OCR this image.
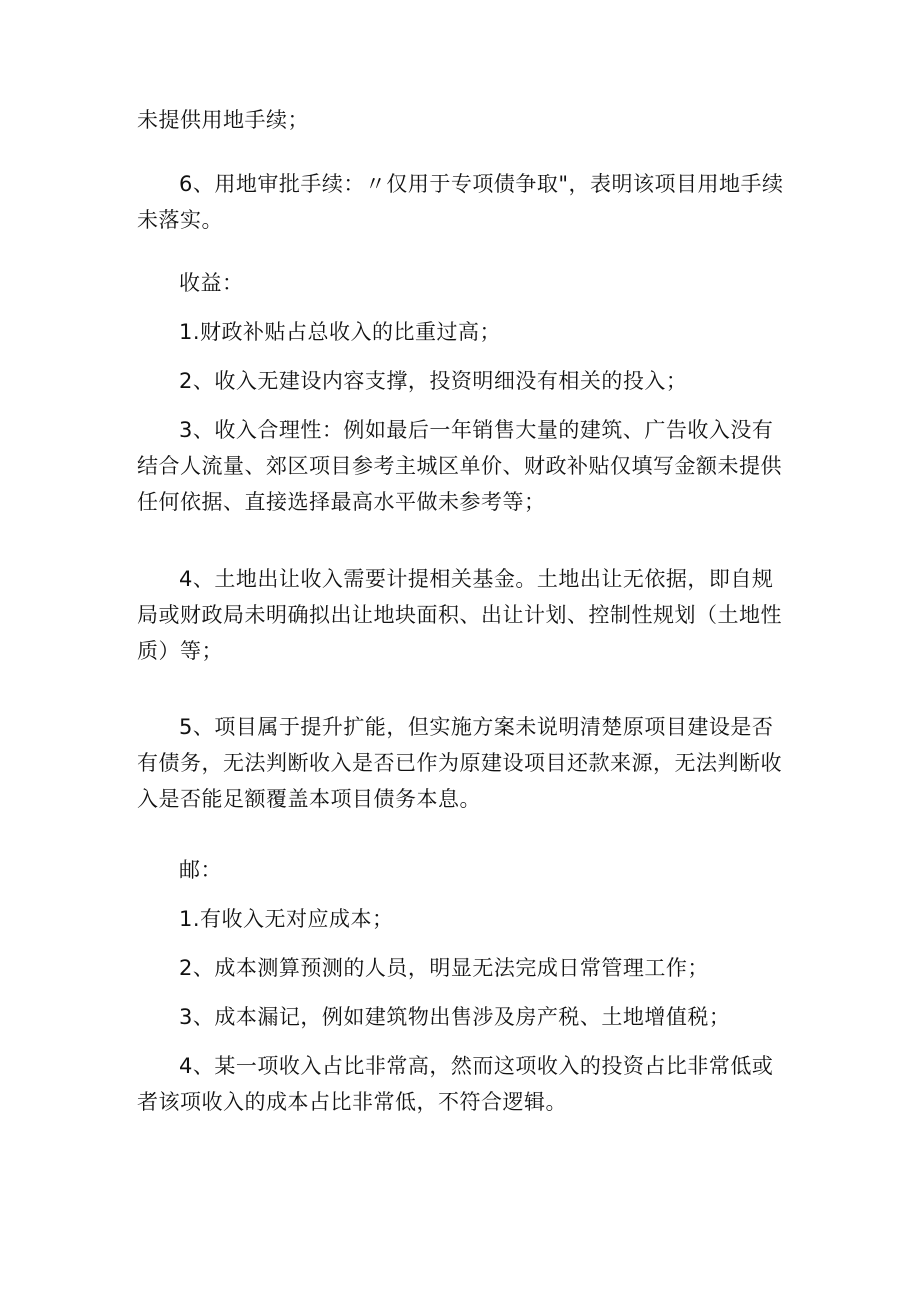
未提供用地手续；

6、用地审批手续：〃仅用于专项债争取"，表明该项目用地手续未落实。

收益：

1.财政补贴占总收入的比重过高；

2、收入无建设内容支撑，投资明细没有相关的投入；

3、收入合理性：例如最后一年销售大量的建筑、广告收入没有结合人流量、郊区项目参考主城区单价、财政补贴仅填写金额未提供任何依据、直接选择最高水平做未参考等；

4、土地出让收入需要计提相关基金。土地出让无依据，即自规局或财政局未明确拟出让地块面积、出让计划、控制性规划（土地性质）等；

5、项目属于提升扩能，但实施方案未说明清楚原项目建设是否有债务，无法判断收入是否已作为原建设项目还款来源，无法判断收入是否能足额覆盖本项目债务本息。

邮：

1.有收入无对应成本；

2、成本测算预测的人员，明显无法完成日常管理工作；

3、成本漏记，例如建筑物出售涉及房产税、土地增值税；

4、某一项收入占比非常高，然而这项收入的投资占比非常低或者该项收入的成本占比非常低，不符合逻辑。
